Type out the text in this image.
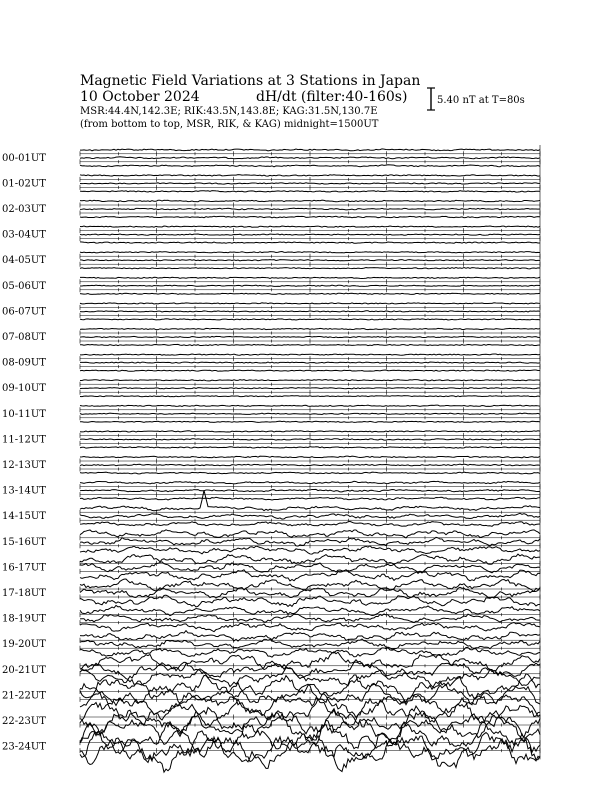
Magnetic Field Variations at 3 Stations in Japan
10 October 2024	dH/dt (filter:40-160s)
MSR:44.4N,142.3E; RIK:43.5N,143.8E; KAG:31.5N,130.7E
(from bottom to top, MSR, RIK, & KAG) midnight=1500UT
5.40 nT at T=80s
00-01UT
01-02UT
02-03UT
03-04UT
04-05UT
05-06UT
06-07UT
07-08UT
08-09UT
09-10UT
10-11UT
11-12UT
12-13UT
13-14UT
14-15UT
15-16UT
16-17UT
17-18UT
18-19UT
19-20UT
20-21UT
21-22UT
22-23UT
23-24UT
